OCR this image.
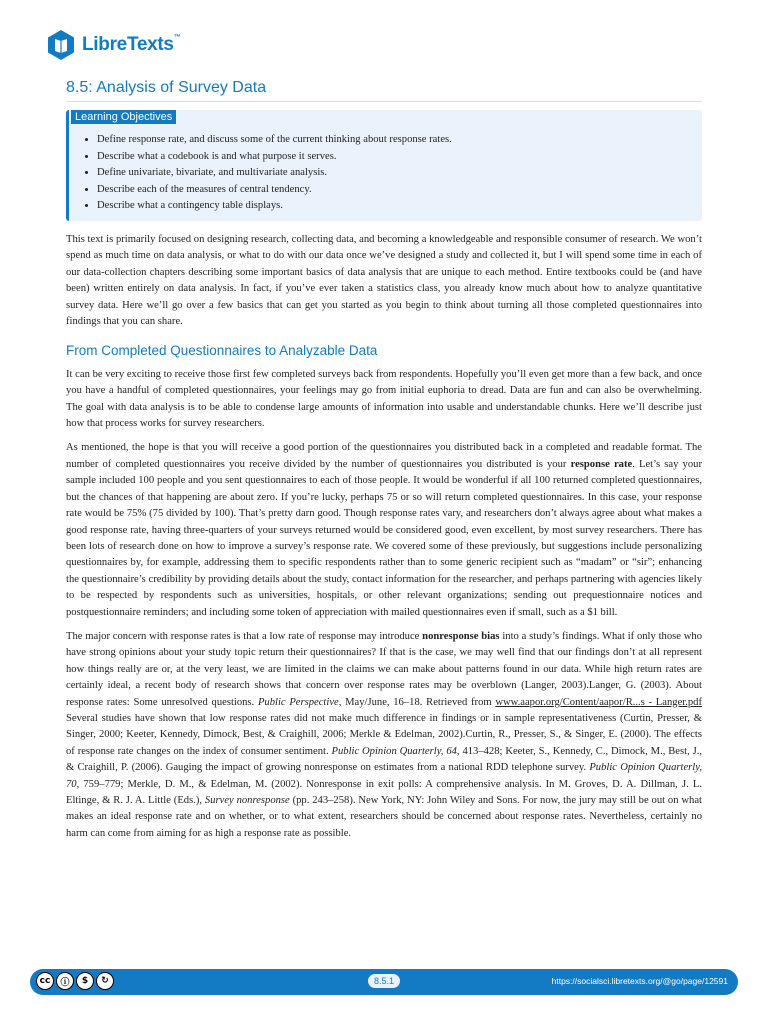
LibreTexts™
8.5: Analysis of Survey Data
Learning Objectives
• Define response rate, and discuss some of the current thinking about response rates.
• Describe what a codebook is and what purpose it serves.
• Define univariate, bivariate, and multivariate analysis.
• Describe each of the measures of central tendency.
• Describe what a contingency table displays.

This text is primarily focused on designing research, collecting data, and becoming a knowledgeable and responsible consumer of research. We won’t spend as much time on data analysis, or what to do with our data once we’ve designed a study and collected it, but I will spend some time in each of our data-collection chapters describing some important basics of data analysis that are unique to each method. Entire textbooks could be (and have been) written entirely on data analysis. In fact, if you’ve ever taken a statistics class, you already know much about how to analyze quantitative survey data. Here we’ll go over a few basics that can get you started as you begin to think about turning all those completed questionnaires into findings that you can share.

From Completed Questionnaires to Analyzable Data

It can be very exciting to receive those first few completed surveys back from respondents. Hopefully you’ll even get more than a few back, and once you have a handful of completed questionnaires, your feelings may go from initial euphoria to dread. Data are fun and can also be overwhelming. The goal with data analysis is to be able to condense large amounts of information into usable and understandable chunks. Here we’ll describe just how that process works for survey researchers.

As mentioned, the hope is that you will receive a good portion of the questionnaires you distributed back in a completed and readable format. The number of completed questionnaires you receive divided by the number of questionnaires you distributed is your response rate. Let’s say your sample included 100 people and you sent questionnaires to each of those people. It would be wonderful if all 100 returned completed questionnaires, but the chances of that happening are about zero. If you’re lucky, perhaps 75 or so will return completed questionnaires. In this case, your response rate would be 75% (75 divided by 100). That’s pretty darn good. Though response rates vary, and researchers don’t always agree about what makes a good response rate, having three-quarters of your surveys returned would be considered good, even excellent, by most survey researchers. There has been lots of research done on how to improve a survey’s response rate. We covered some of these previously, but suggestions include personalizing questionnaires by, for example, addressing them to specific respondents rather than to some generic recipient such as “madam” or “sir”; enhancing the questionnaire’s credibility by providing details about the study, contact information for the researcher, and perhaps partnering with agencies likely to be respected by respondents such as universities, hospitals, or other relevant organizations; sending out prequestionnaire notices and postquestionnaire reminders; and including some token of appreciation with mailed questionnaires even if small, such as a $1 bill.

The major concern with response rates is that a low rate of response may introduce nonresponse bias into a study’s findings. What if only those who have strong opinions about your study topic return their questionnaires? If that is the case, we may well find that our findings don’t at all represent how things really are or, at the very least, we are limited in the claims we can make about patterns found in our data. While high return rates are certainly ideal, a recent body of research shows that concern over response rates may be overblown (Langer, 2003).Langer, G. (2003). About response rates: Some unresolved questions. Public Perspective, May/June, 16–18. Retrieved from www.aapor.org/Content/aapor/R...s - Langer.pdf Several studies have shown that low response rates did not make much difference in findings or in sample representativeness (Curtin, Presser, & Singer, 2000; Keeter, Kennedy, Dimock, Best, & Craighill, 2006; Merkle & Edelman, 2002).Curtin, R., Presser, S., & Singer, E. (2000). The effects of response rate changes on the index of consumer sentiment. Public Opinion Quarterly, 64, 413–428; Keeter, S., Kennedy, C., Dimock, M., Best, J., & Craighill, P. (2006). Gauging the impact of growing nonresponse on estimates from a national RDD telephone survey. Public Opinion Quarterly, 70, 759–779; Merkle, D. M., & Edelman, M. (2002). Nonresponse in exit polls: A comprehensive analysis. In M. Groves, D. A. Dillman, J. L. Eltinge, & R. J. A. Little (Eds.), Survey nonresponse (pp. 243–258). New York, NY: John Wiley and Sons. For now, the jury may still be out on what makes an ideal response rate and on whether, or to what extent, researchers should be concerned about response rates. Nevertheless, certainly no harm can come from aiming for as high a response rate as possible.

cc	ⓘ	$	↻	8.5.1	https://socialsci.libretexts.org/@go/page/12591
